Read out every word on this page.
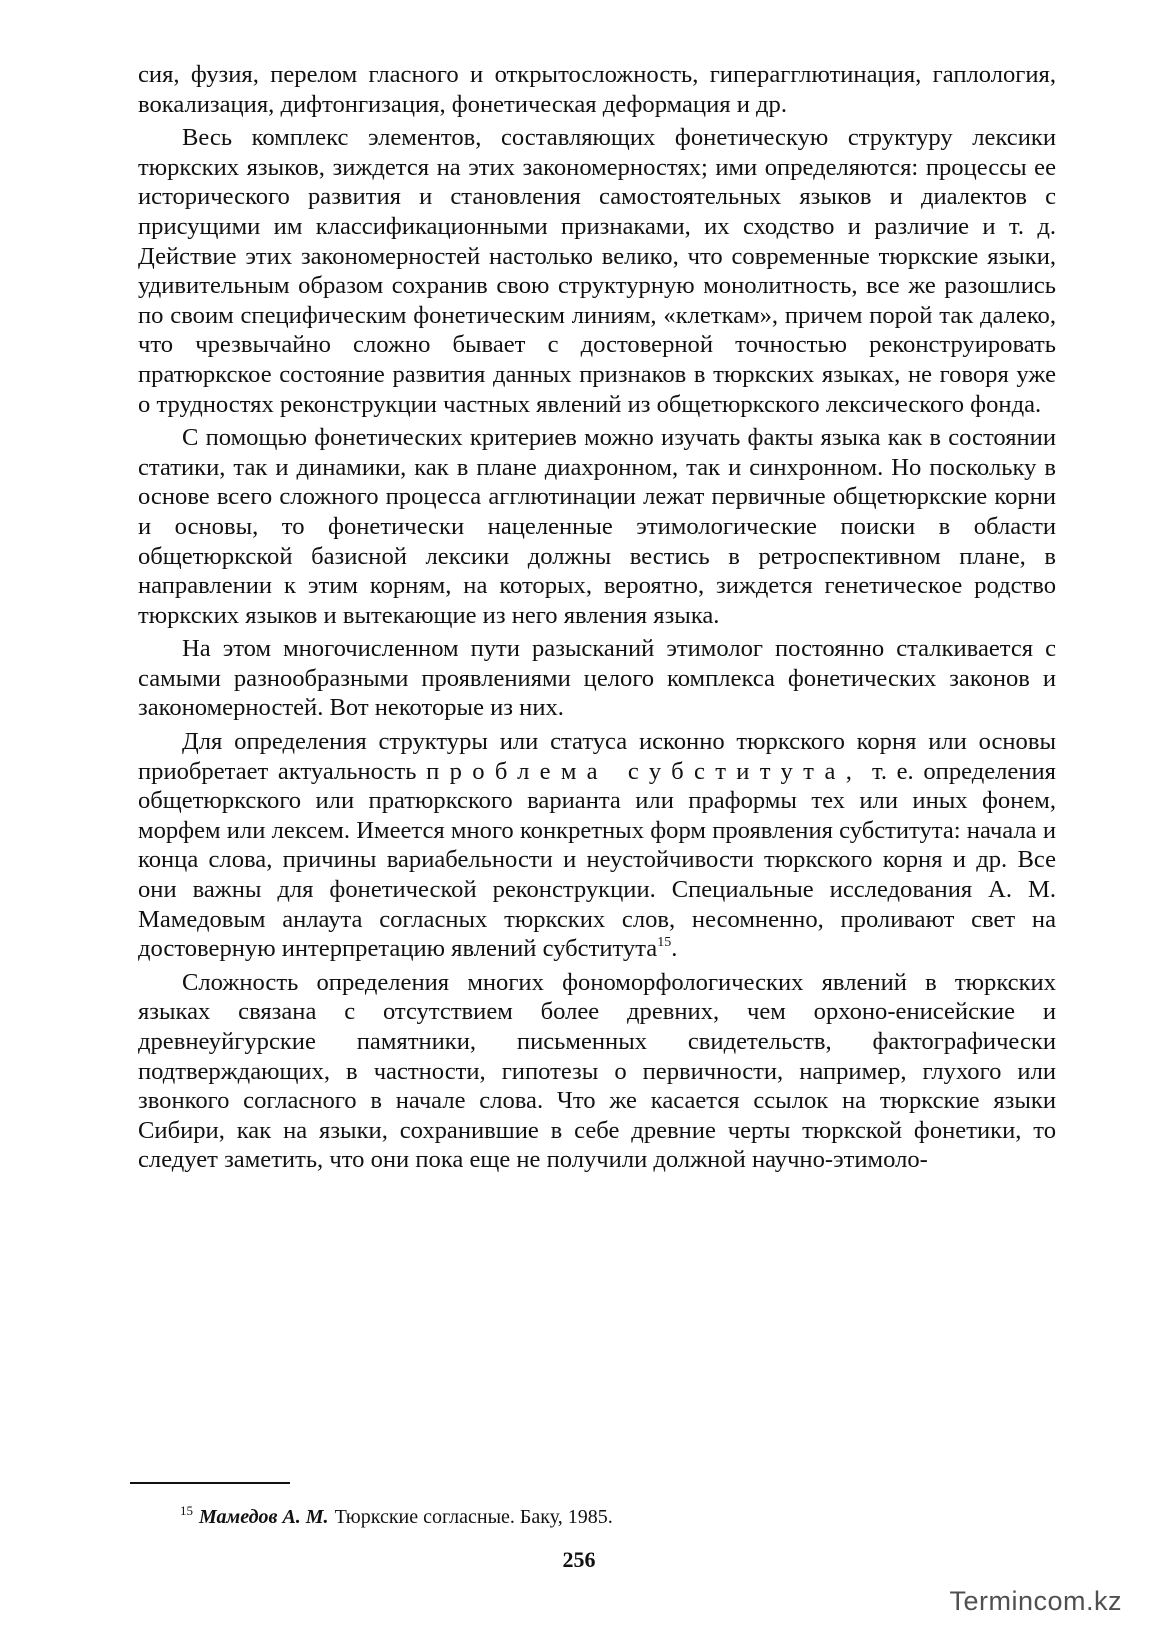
сия, фузия, перелом гласного и открытосложность, гиперагглютинация, гаплология, вокализация, дифтонгизация, фонетическая деформация и др.

Весь комплекс элементов, составляющих фонетическую структуру лексики тюркских языков, зиждется на этих закономерностях; ими определяются: процессы ее исторического развития и становления самостоятельных языков и диалектов с присущими им классификационными признаками, их сходство и различие и т. д. Действие этих закономерностей настолько велико, что современные тюркские языки, удивительным образом сохранив свою структурную монолитность, все же разошлись по своим специфическим фонетическим линиям, «клеткам», причем порой так далеко, что чрезвычайно сложно бывает с достоверной точностью реконструировать пратюркское состояние развития данных признаков в тюркских языках, не говоря уже о трудностях реконструкции частных явлений из общетюркского лексического фонда.

С помощью фонетических критериев можно изучать факты языка как в состоянии статики, так и динамики, как в плане диахронном, так и синхронном. Но поскольку в основе всего сложного процесса агглютинации лежат первичные общетюркские корни и основы, то фонетически нацеленные этимологические поиски в области общетюркской базисной лексики должны вестись в ретроспективном плане, в направлении к этим корням, на которых, вероятно, зиждется генетическое родство тюркских языков и вытекающие из него явления языка.

На этом многочисленном пути разысканий этимолог постоянно сталкивается с самыми разнообразными проявлениями целого комплекса фонетических законов и закономерностей. Вот некоторые из них.

Для определения структуры или статуса исконно тюркского корня или основы приобретает актуальность проблема субститута, т. е. определения общетюркского или пратюркского варианта или праформы тех или иных фонем, морфем или лексем. Имеется много конкретных форм проявления субститута: начала и конца слова, причины вариабельности и неустойчивости тюркского корня и др. Все они важны для фонетической реконструкции. Специальные исследования А. М. Мамедовым анлаута согласных тюркских слов, несомненно, проливают свет на достоверную интерпретацию явлений субститута$^{15}$.

Сложность определения многих фономорфологических явлений в тюркских языках связана с отсутствием более древних, чем орхоно-енисейские и древнеуйгурские памятники, письменных свидетельств, фактографически подтверждающих, в частности, гипотезы о первичности, например, глухого или звонкого согласного в начале слова. Что же касается ссылок на тюркские языки Сибири, как на языки, сохранившие в себе древние черты тюркской фонетики, то следует заметить, что они пока еще не получили должной научно-этимоло-

$^{15}$ Мамедов А. М. Тюркские согласные. Баку, 1985.
256
Termincom.kz
